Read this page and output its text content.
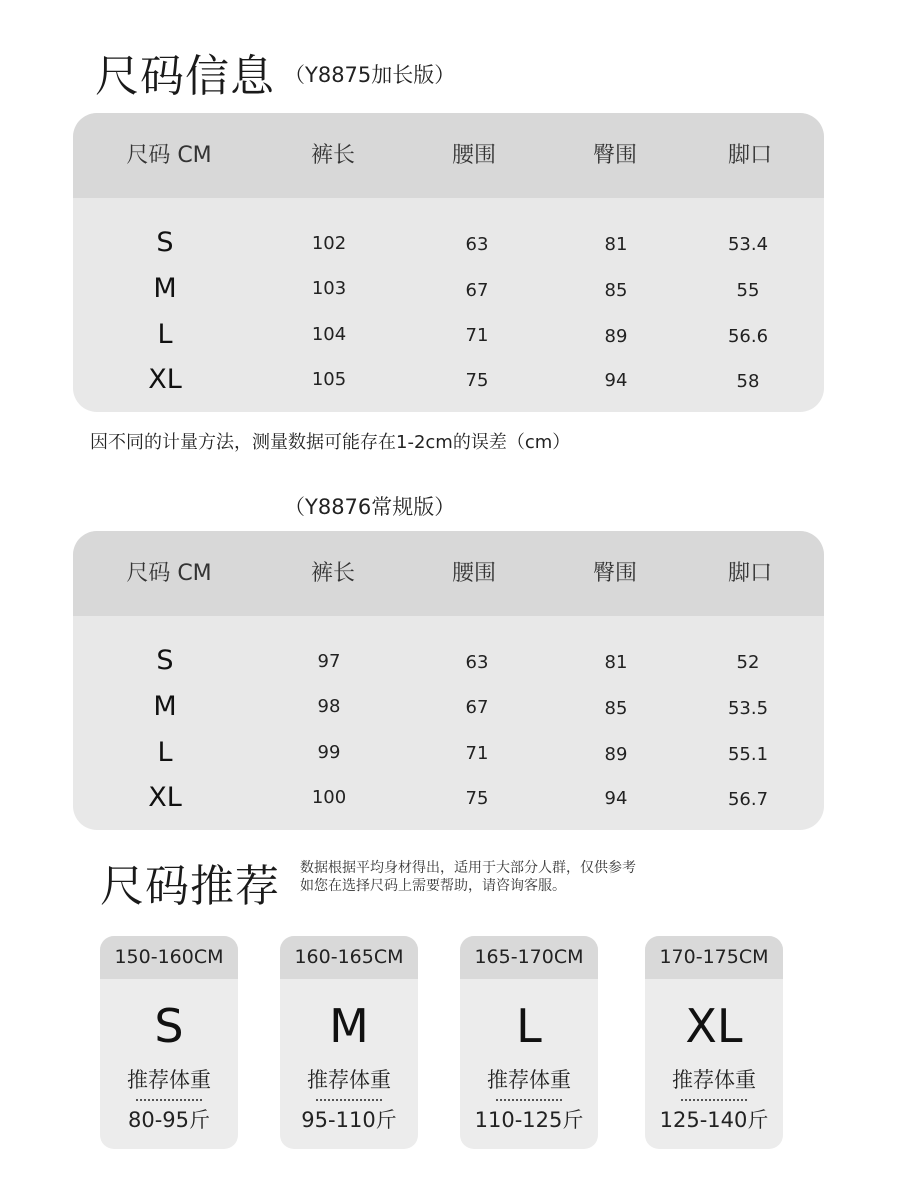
尺码信息 （Y8875加长版）
尺码 CM	裤长	腰围	臀围	脚口
S	102	63	81	53.4
M	103	67	85	55
L	104	71	89	56.6
XL	105	75	94	58
因不同的计量方法，测量数据可能存在1-2cm的误差（cm）
（Y8876常规版）
尺码 CM	裤长	腰围	臀围	脚口
S	97	63	81	52
M	98	67	85	53.5
L	99	71	89	55.1
XL	100	75	94	56.7
尺码推荐 数据根据平均身材得出，适用于大部分人群，仅供参考
如您在选择尺码上需要帮助，请咨询客服。
150-160CM
S
推荐体重
80-95斤
160-165CM
M
推荐体重
95-110斤
165-170CM
L
推荐体重
110-125斤
170-175CM
XL
推荐体重
125-140斤
